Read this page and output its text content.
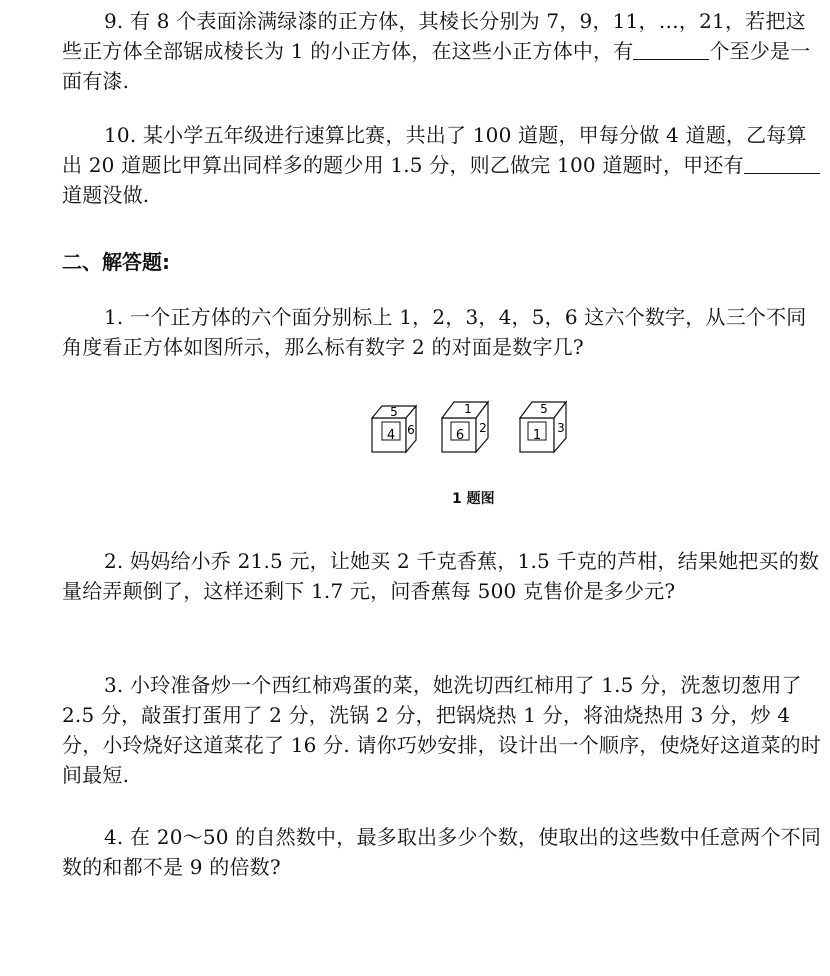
9. 有 8 个表面涂满绿漆的正方体，其棱长分别为 7，9，11，…，21，若把这些正方体全部锯成棱长为 1 的小正方体，在这些小正方体中，有	个至少是一面有漆.

10. 某小学五年级进行速算比赛，共出了 100 道题，甲每分做 4 道题，乙每算出 20 道题比甲算出同样多的题少用 1.5 分，则乙做完 100 道题时，甲还有道题没做.

二、解答题:

1. 一个正方体的六个面分别标上 1，2，3，4，5，6 这六个数字，从三个不同角度看正方体如图所示，那么标有数字 2 的对面是数字几?

4
5
6	6
1
2	1
5
3
1 题图

2. 妈妈给小乔 21.5 元，让她买 2 千克香蕉，1.5 千克的芦柑，结果她把买的数量给弄颠倒了，这样还剩下 1.7 元，问香蕉每 500 克售价是多少元?

3. 小玲准备炒一个西红柿鸡蛋的菜，她洗切西红柿用了 1.5 分，洗葱切葱用了 2.5 分，敲蛋打蛋用了 2 分，洗锅 2 分，把锅烧热 1 分，将油烧热用 3 分，炒 4 分，小玲烧好这道菜花了 16 分. 请你巧妙安排，设计出一个顺序，使烧好这道菜的时间最短.

4. 在 20～50 的自然数中，最多取出多少个数，使取出的这些数中任意两个不同数的和都不是 9 的倍数?
